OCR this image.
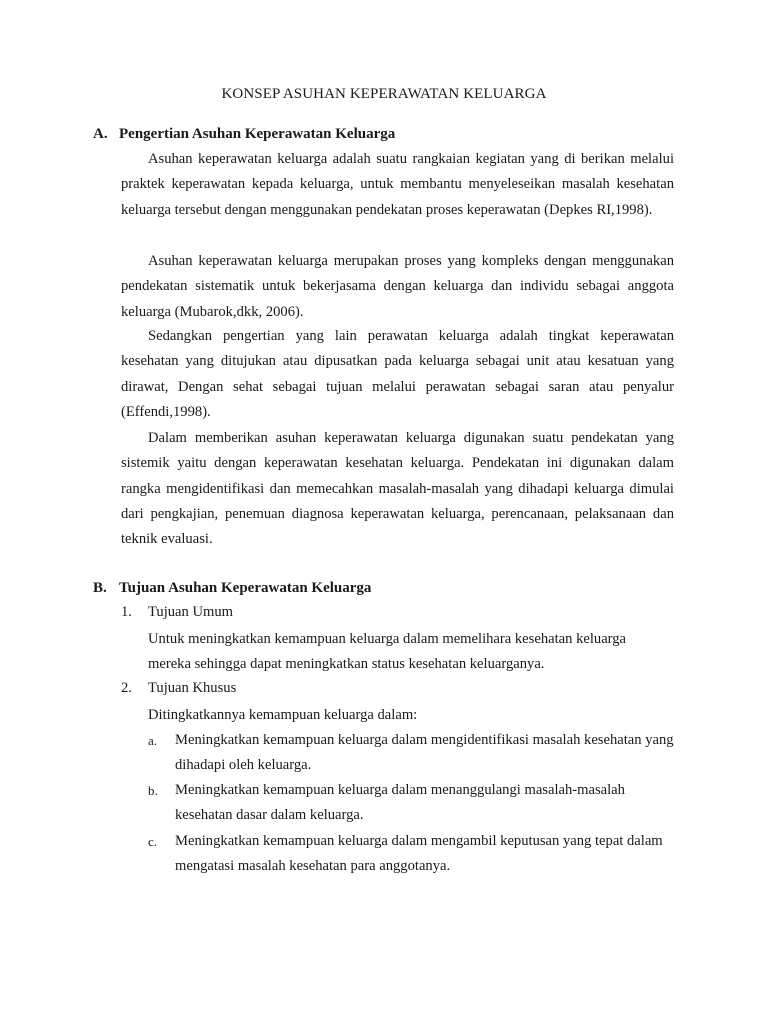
KONSEP ASUHAN KEPERAWATAN KELUARGA
A. Pengertian Asuhan Keperawatan Keluarga

Asuhan keperawatan keluarga adalah suatu rangkaian kegiatan yang di berikan melalui praktek keperawatan kepada keluarga, untuk membantu menyeleseikan masalah kesehatan keluarga tersebut dengan menggunakan pendekatan proses keperawatan (Depkes RI,1998).

Asuhan keperawatan keluarga merupakan proses yang kompleks dengan menggunakan pendekatan sistematik untuk bekerjasama dengan keluarga dan individu sebagai anggota keluarga (Mubarok,dkk, 2006).

Sedangkan pengertian yang lain perawatan keluarga adalah tingkat keperawatan kesehatan yang ditujukan atau dipusatkan pada keluarga sebagai unit atau kesatuan yang dirawat, Dengan sehat sebagai tujuan melalui perawatan sebagai saran atau penyalur (Effendi,1998).

Dalam memberikan asuhan keperawatan keluarga digunakan suatu pendekatan yang sistemik yaitu dengan keperawatan kesehatan keluarga. Pendekatan ini digunakan dalam rangka mengidentifikasi dan memecahkan masalah-masalah yang dihadapi keluarga dimulai dari pengkajian, penemuan diagnosa keperawatan keluarga, perencanaan, pelaksanaan dan teknik evaluasi.

B. Tujuan Asuhan Keperawatan Keluarga
1. Tujuan Umum

Untuk meningkatkan kemampuan keluarga dalam memelihara kesehatan keluarga mereka sehingga dapat meningkatkan status kesehatan keluarganya.

2. Tujuan Khusus

Ditingkatkannya kemampuan keluarga dalam:

a.	Meningkatkan kemampuan keluarga dalam mengidentifikasi masalah kesehatan yang dihadapi oleh keluarga.
b.	Meningkatkan kemampuan keluarga dalam menanggulangi masalah-masalah kesehatan dasar dalam keluarga.
c.	Meningkatkan kemampuan keluarga dalam mengambil keputusan yang tepat dalam mengatasi masalah kesehatan para anggotanya.
